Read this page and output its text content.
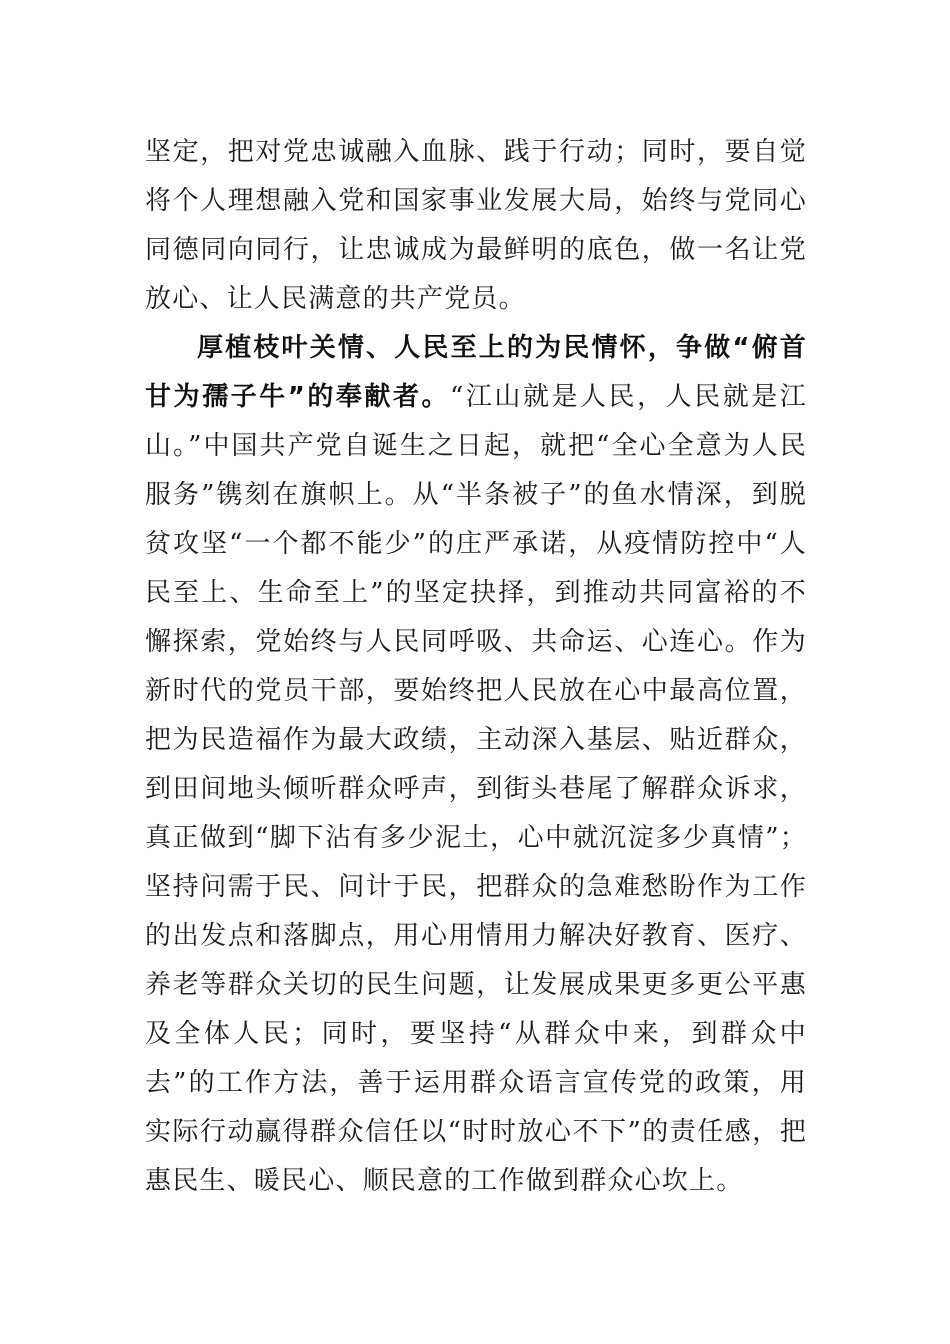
坚定，把对党忠诚融入血脉、践于行动；同时，要自觉将个人理想融入党和国家事业发展大局，始终与党同心同德同向同行，让忠诚成为最鲜明的底色，做一名让党放心、让人民满意的共产党员。

厚植枝叶关情、人民至上的为民情怀，争做“俯首甘为孺子牛”的奉献者。“江山就是人民，人民就是江山。”中国共产党自诞生之日起，就把“全心全意为人民服务”镌刻在旗帜上。从“半条被子”的鱼水情深，到脱贫攻坚“一个都不能少”的庄严承诺，从疫情防控中“人民至上、生命至上”的坚定抉择，到推动共同富裕的不懈探索，党始终与人民同呼吸、共命运、心连心。作为新时代的党员干部，要始终把人民放在心中最高位置，把为民造福作为最大政绩，主动深入基层、贴近群众，到田间地头倾听群众呼声，到街头巷尾了解群众诉求，真正做到“脚下沾有多少泥土，心中就沉淀多少真情”；坚持问需于民、问计于民，把群众的急难愁盼作为工作的出发点和落脚点，用心用情用力解决好教育、医疗、养老等群众关切的民生问题，让发展成果更多更公平惠及全体人民；同时，要坚持“从群众中来，到群众中去”的工作方法，善于运用群众语言宣传党的政策，用实际行动赢得群众信任以“时时放心不下”的责任感，把惠民生、暖民心、顺民意的工作做到群众心坎上。
